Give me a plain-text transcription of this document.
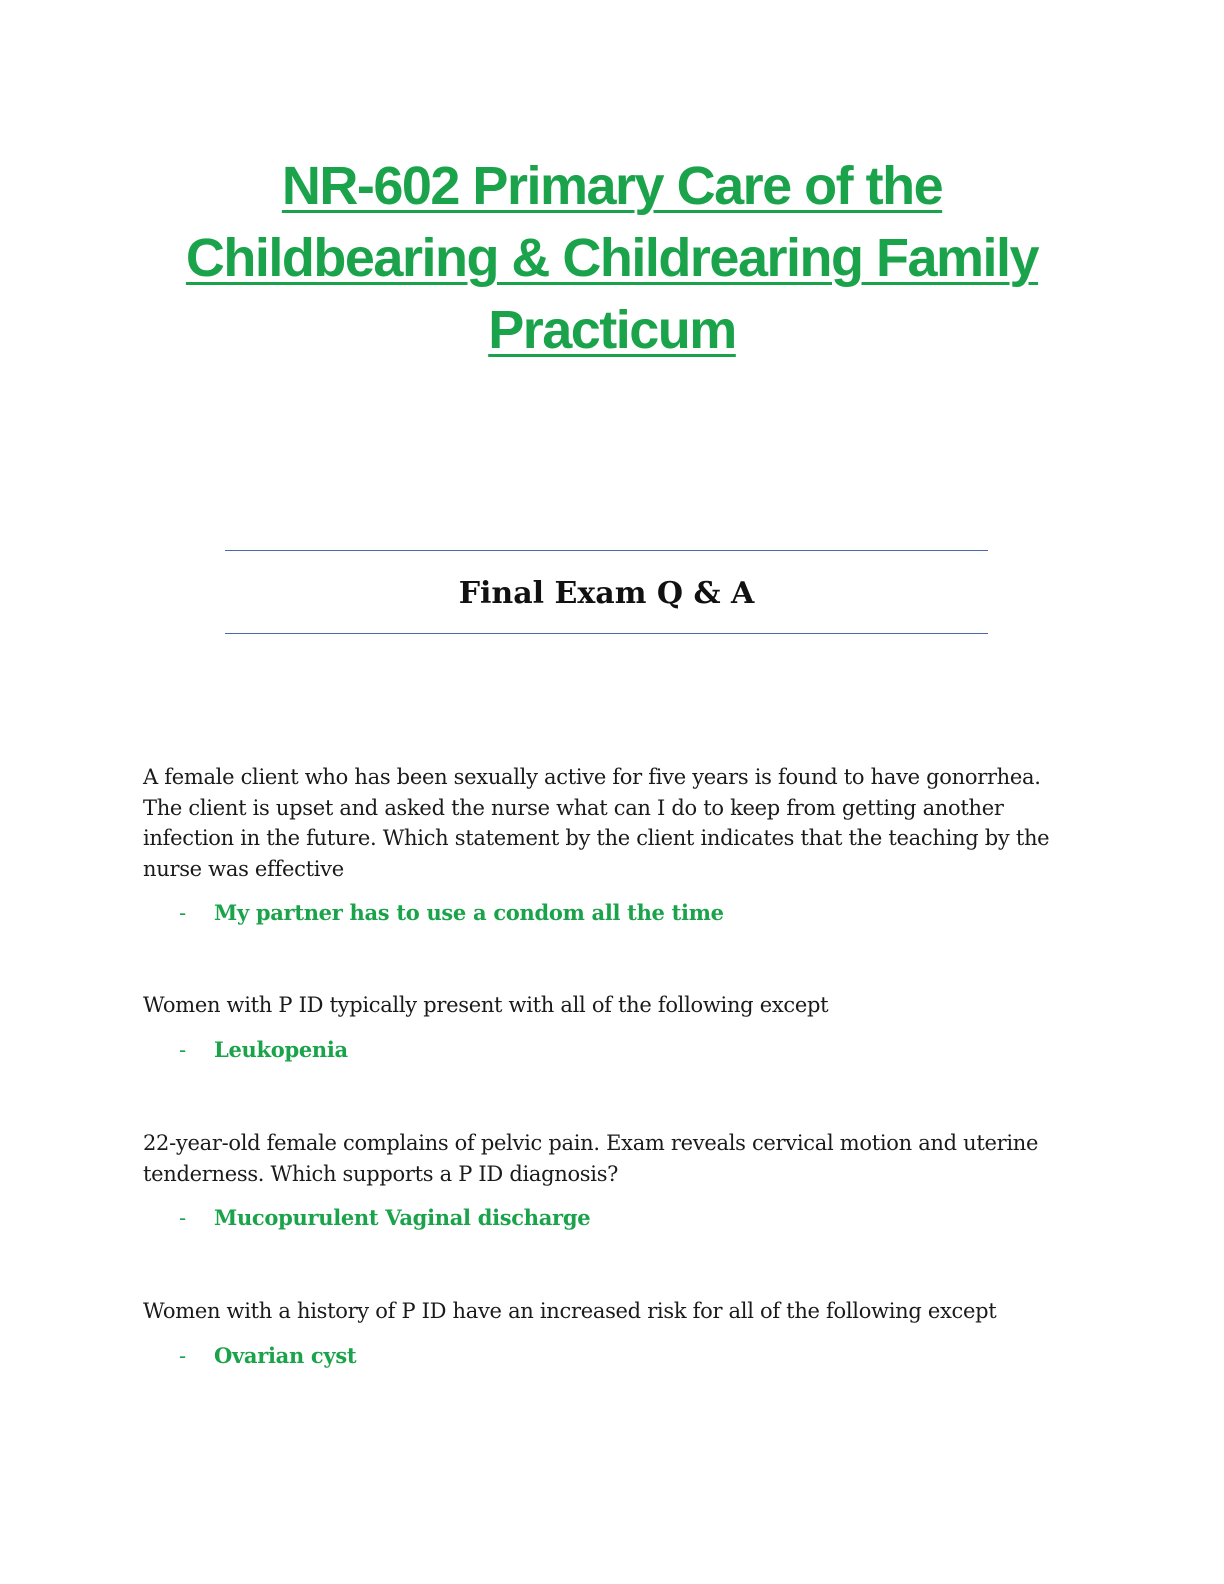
NR-602 Primary Care of the
Childbearing & Childrearing Family
Practicum
Final Exam Q & A

A female client who has been sexually active for five years is found to have gonorrhea. The client is upset and asked the nurse what can I do to keep from getting another infection in the future. Which statement by the client indicates that the teaching by the nurse was effective

- My partner has to use a condom all the time

Women with P ID typically present with all of the following except

- Leukopenia

22-year-old female complains of pelvic pain. Exam reveals cervical motion and uterine tenderness. Which supports a P ID diagnosis?

- Mucopurulent Vaginal discharge

Women with a history of P ID have an increased risk for all of the following except

- Ovarian cyst
